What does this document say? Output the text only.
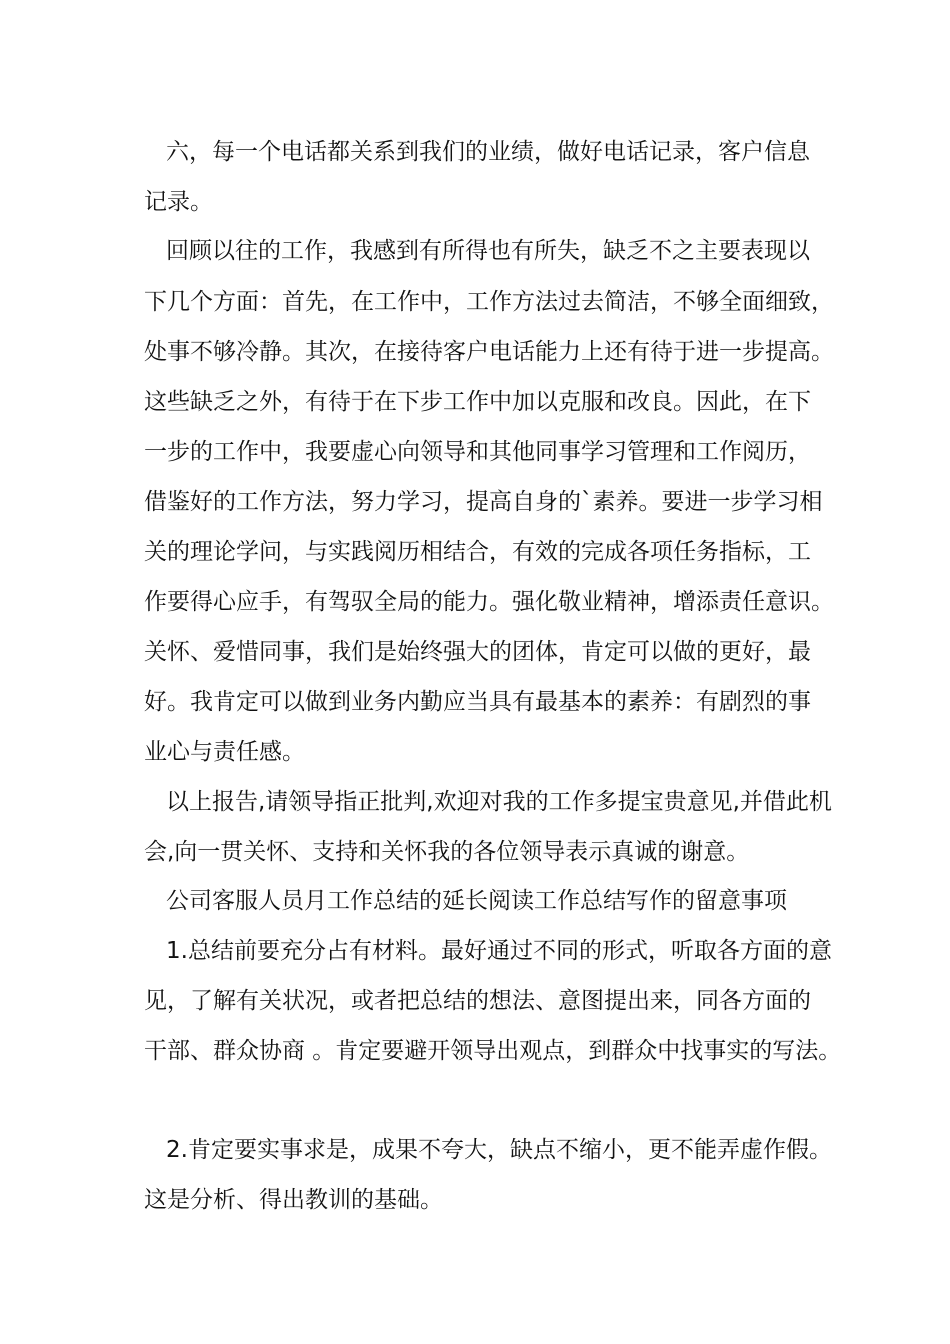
六，每一个电话都关系到我们的业绩，做好电话记录，客户信息
记录。
回顾以往的工作，我感到有所得也有所失，缺乏不之主要表现以
下几个方面：首先，在工作中，工作方法过去简洁，不够全面细致，
处事不够冷静。其次，在接待客户电话能力上还有待于进一步提高。
这些缺乏之外，有待于在下步工作中加以克服和改良。因此，在下
一步的工作中，我要虚心向领导和其他同事学习管理和工作阅历，
借鉴好的工作方法，努力学习，提高自身的`素养。要进一步学习相
关的理论学问，与实践阅历相结合，有效的完成各项任务指标，工
作要得心应手，有驾驭全局的能力。强化敬业精神，增添责任意识。
关怀、爱惜同事，我们是始终强大的团体，肯定可以做的更好，最
好。我肯定可以做到业务内勤应当具有最基本的素养：有剧烈的事
业心与责任感。
以上报告,请领导指正批判,欢迎对我的工作多提宝贵意见,并借此机
会,向一贯关怀、支持和关怀我的各位领导表示真诚的谢意。
公司客服人员月工作总结的延长阅读工作总结写作的留意事项
1.总结前要充分占有材料。最好通过不同的形式，听取各方面的意
见，了解有关状况，或者把总结的想法、意图提出来，同各方面的
干部、群众协商 。肯定要避开领导出观点，到群众中找事实的写法。
2.肯定要实事求是，成果不夸大，缺点不缩小，更不能弄虚作假。
这是分析、得出教训的基础。
